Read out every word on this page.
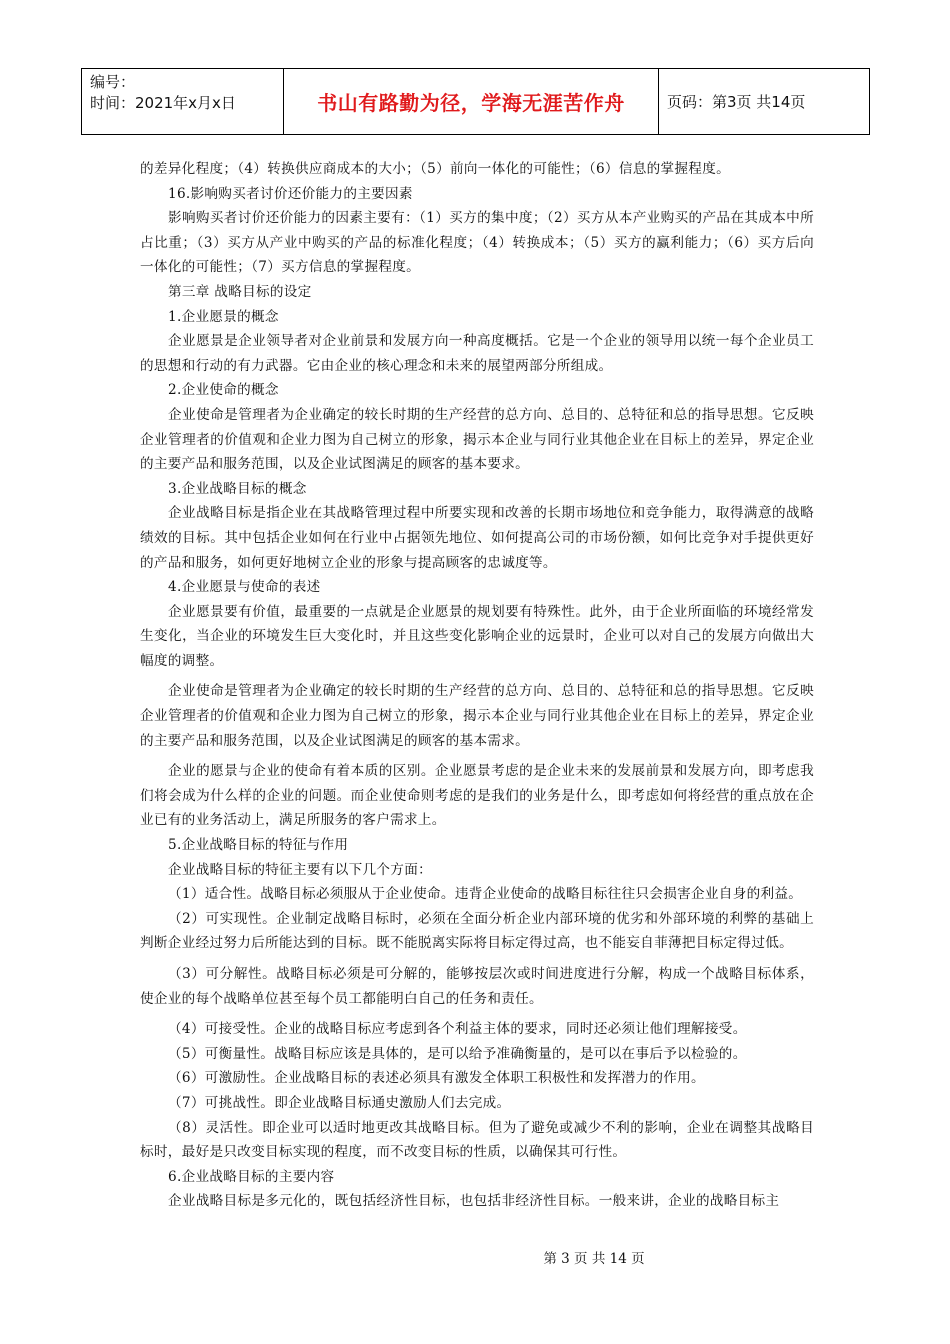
编号：
时间：2021年x月x日	书山有路勤为径，学海无涯苦作舟	页码：第3页 共14页

的差异化程度；（4）转换供应商成本的大小；（5）前向一体化的可能性；（6）信息的掌握程度。

16.影响购买者讨价还价能力的主要因素

影响购买者讨价还价能力的因素主要有：（1）买方的集中度；（2）买方从本产业购买的产品在其成本中所占比重；（3）买方从产业中购买的产品的标准化程度；（4）转换成本；（5）买方的赢利能力；（6）买方后向一体化的可能性；（7）买方信息的掌握程度。

第三章 战略目标的设定

1.企业愿景的概念

企业愿景是企业领导者对企业前景和发展方向一种高度概括。它是一个企业的领导用以统一每个企业员工的思想和行动的有力武器。它由企业的核心理念和未来的展望两部分所组成。

2.企业使命的概念

企业使命是管理者为企业确定的较长时期的生产经营的总方向、总目的、总特征和总的指导思想。它反映企业管理者的价值观和企业力图为自己树立的形象，揭示本企业与同行业其他企业在目标上的差异，界定企业的主要产品和服务范围，以及企业试图满足的顾客的基本要求。

3.企业战略目标的概念

企业战略目标是指企业在其战略管理过程中所要实现和改善的长期市场地位和竞争能力，取得满意的战略绩效的目标。其中包括企业如何在行业中占据领先地位、如何提高公司的市场份额，如何比竞争对手提供更好的产品和服务，如何更好地树立企业的形象与提高顾客的忠诚度等。

4.企业愿景与使命的表述

企业愿景要有价值，最重要的一点就是企业愿景的规划要有特殊性。此外，由于企业所面临的环境经常发生变化，当企业的环境发生巨大变化时，并且这些变化影响企业的远景时，企业可以对自己的发展方向做出大幅度的调整。

企业使命是管理者为企业确定的较长时期的生产经营的总方向、总目的、总特征和总的指导思想。它反映企业管理者的价值观和企业力图为自己树立的形象，揭示本企业与同行业其他企业在目标上的差异，界定企业的主要产品和服务范围，以及企业试图满足的顾客的基本需求。

企业的愿景与企业的使命有着本质的区别。企业愿景考虑的是企业未来的发展前景和发展方向，即考虑我们将会成为什么样的企业的问题。而企业使命则考虑的是我们的业务是什么，即考虑如何将经营的重点放在企业已有的业务活动上，满足所服务的客户需求上。

5.企业战略目标的特征与作用

企业战略目标的特征主要有以下几个方面：

（1）适合性。战略目标必须服从于企业使命。违背企业使命的战略目标往往只会损害企业自身的利益。

（2）可实现性。企业制定战略目标时，必须在全面分析企业内部环境的优劣和外部环境的利弊的基础上判断企业经过努力后所能达到的目标。既不能脱离实际将目标定得过高，也不能妄自菲薄把目标定得过低。

（3）可分解性。战略目标必须是可分解的，能够按层次或时间进度进行分解，构成一个战略目标体系，使企业的每个战略单位甚至每个员工都能明白自己的任务和责任。

（4）可接受性。企业的战略目标应考虑到各个利益主体的要求，同时还必须让他们理解接受。

（5）可衡量性。战略目标应该是具体的，是可以给予准确衡量的，是可以在事后予以检验的。

（6）可激励性。企业战略目标的表述必须具有激发全体职工积极性和发挥潜力的作用。

（7）可挑战性。即企业战略目标通史激励人们去完成。

（8）灵活性。即企业可以适时地更改其战略目标。但为了避免或减少不利的影响，企业在调整其战略目标时，最好是只改变目标实现的程度，而不改变目标的性质，以确保其可行性。

6.企业战略目标的主要内容

企业战略目标是多元化的，既包括经济性目标，也包括非经济性目标。一般来讲，企业的战略目标主

第 3 页 共 14 页
